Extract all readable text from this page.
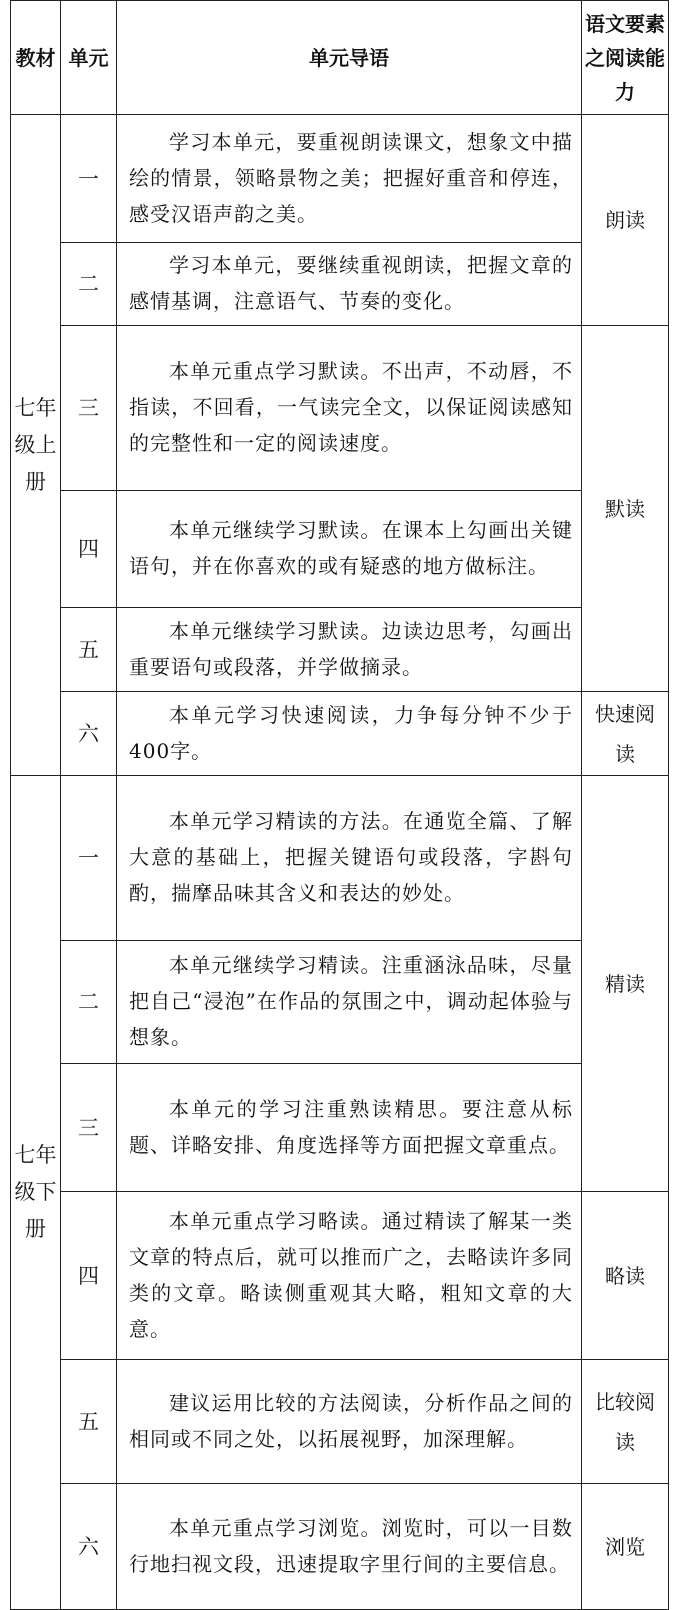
教材	单元	单元导语	语文要素之阅读能力

七年级上册	一	学习本单元，要重视朗读课文，想象文中描绘的情景，领略景物之美；把握好重音和停连，感受汉语声韵之美。	朗读
	二	学习本单元，要继续重视朗读，把握文章的感情基调，注意语气、节奏的变化。	
	三	本单元重点学习默读。不出声，不动唇，不指读，不回看，一气读完全文，以保证阅读感知的完整性和一定的阅读速度。	默读
	四	本单元继续学习默读。在课本上勾画出关键语句，并在你喜欢的或有疑惑的地方做标注。	
	五	本单元继续学习默读。边读边思考，勾画出重要语句或段落，并学做摘录。	
	六	本单元学习快速阅读，力争每分钟不少于400字。	快速阅读

七年级下册	一	本单元学习精读的方法。在通览全篇、了解大意的基础上，把握关键语句或段落，字斟句酌，揣摩品味其含义和表达的妙处。	精读
	二	本单元继续学习精读。注重涵泳品味，尽量把自己“浸泡”在作品的氛围之中，调动起体验与想象。	
	三	本单元的学习注重熟读精思。要注意从标题、详略安排、角度选择等方面把握文章重点。	
	四	本单元重点学习略读。通过精读了解某一类文章的特点后，就可以推而广之，去略读许多同类的文章。略读侧重观其大略，粗知文章的大意。	略读
	五	建议运用比较的方法阅读，分析作品之间的相同或不同之处，以拓展视野，加深理解。	比较阅读
	六	本单元重点学习浏览。浏览时，可以一目数行地扫视文段，迅速提取字里行间的主要信息。	浏览
